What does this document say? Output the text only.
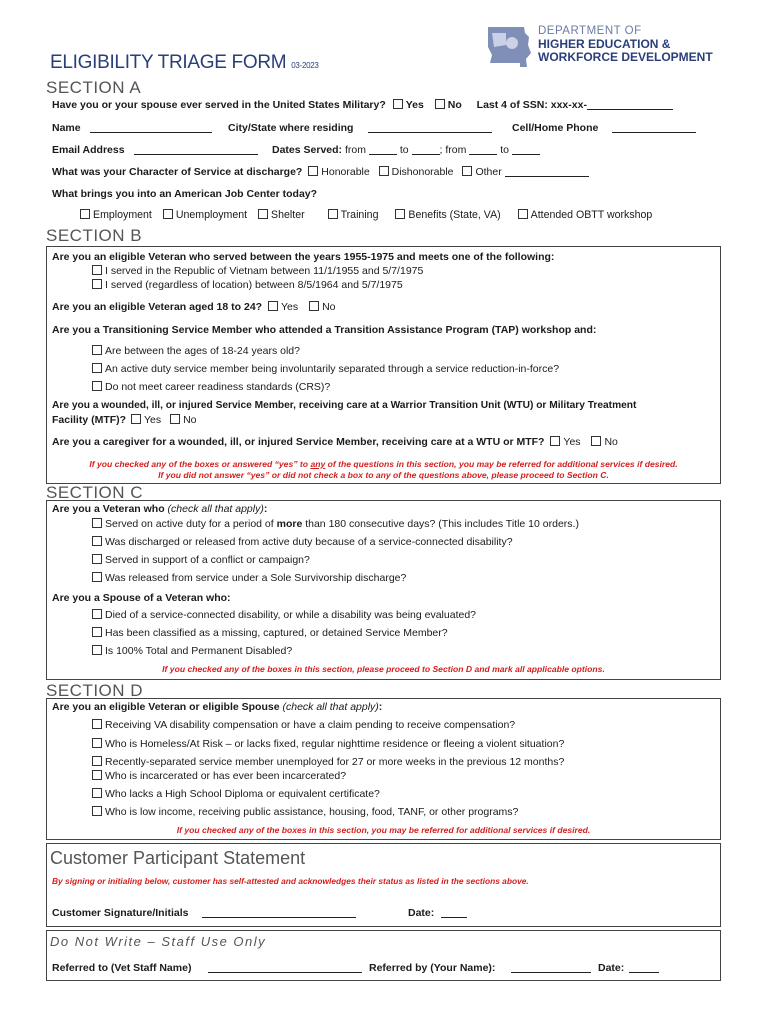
DEPARTMENT OF
HIGHER EDUCATION &
WORKFORCE DEVELOPMENT
ELIGIBILITY TRIAGE FORM 03-2023
SECTION A
Have you or your spouse ever served in the United States Military? Yes No Last 4 of SSN: xxx-xx-
Name	City/State where residing	Cell/Home Phone
Email Address	Dates Served: from	to	; from	to
What was your Character of Service at discharge? Honorable Dishonorable Other
What brings you into an American Job Center today?
Employment Unemployment Shelter	Training	Benefits (State, VA)	Attended OBTT workshop
SECTION B
Are you an eligible Veteran who served between the years 1955-1975 and meets one of the following:
I served in the Republic of Vietnam between 11/1/1955 and 5/7/1975
I served (regardless of location) between 8/5/1964 and 5/7/1975
Are you an eligible Veteran aged 18 to 24? Yes No
Are you a Transitioning Service Member who attended a Transition Assistance Program (TAP) workshop and:
Are between the ages of 18-24 years old?
An active duty service member being involuntarily separated through a service reduction-in-force?
Do not meet career readiness standards (CRS)?
Are you a wounded, ill, or injured Service Member, receiving care at a Warrior Transition Unit (WTU) or Military Treatment
Facility (MTF)? Yes No
Are you a caregiver for a wounded, ill, or injured Service Member, receiving care at a WTU or MTF? Yes No
If you checked any of the boxes or answered “yes” to any of the questions in this section, you may be referred for additional services if desired.
If you did not answer “yes” or did not check a box to any of the questions above, please proceed to Section C.
SECTION C
Are you a Veteran who (check all that apply):
Served on active duty for a period of more than 180 consecutive days? (This includes Title 10 orders.)
Was discharged or released from active duty because of a service-connected disability?
Served in support of a conflict or campaign?
Was released from service under a Sole Survivorship discharge?
Are you a Spouse of a Veteran who:
Died of a service-connected disability, or while a disability was being evaluated?
Has been classified as a missing, captured, or detained Service Member?
Is 100% Total and Permanent Disabled?
If you checked any of the boxes in this section, please proceed to Section D and mark all applicable options.
SECTION D
Are you an eligible Veteran or eligible Spouse (check all that apply):
Receiving VA disability compensation or have a claim pending to receive compensation?
Who is Homeless/At Risk – or lacks fixed, regular nighttime residence or fleeing a violent situation?
Recently-separated service member unemployed for 27 or more weeks in the previous 12 months?
Who is incarcerated or has ever been incarcerated?
Who lacks a High School Diploma or equivalent certificate?
Who is low income, receiving public assistance, housing, food, TANF, or other programs?
If you checked any of the boxes in this section, you may be referred for additional services if desired.
Customer Participant Statement
By signing or initialing below, customer has self-attested and acknowledges their status as listed in the sections above.
Customer Signature/Initials	Date:
Do Not Write – Staff Use Only
Referred to (Vet Staff Name)	Referred by (Your Name):	Date:
